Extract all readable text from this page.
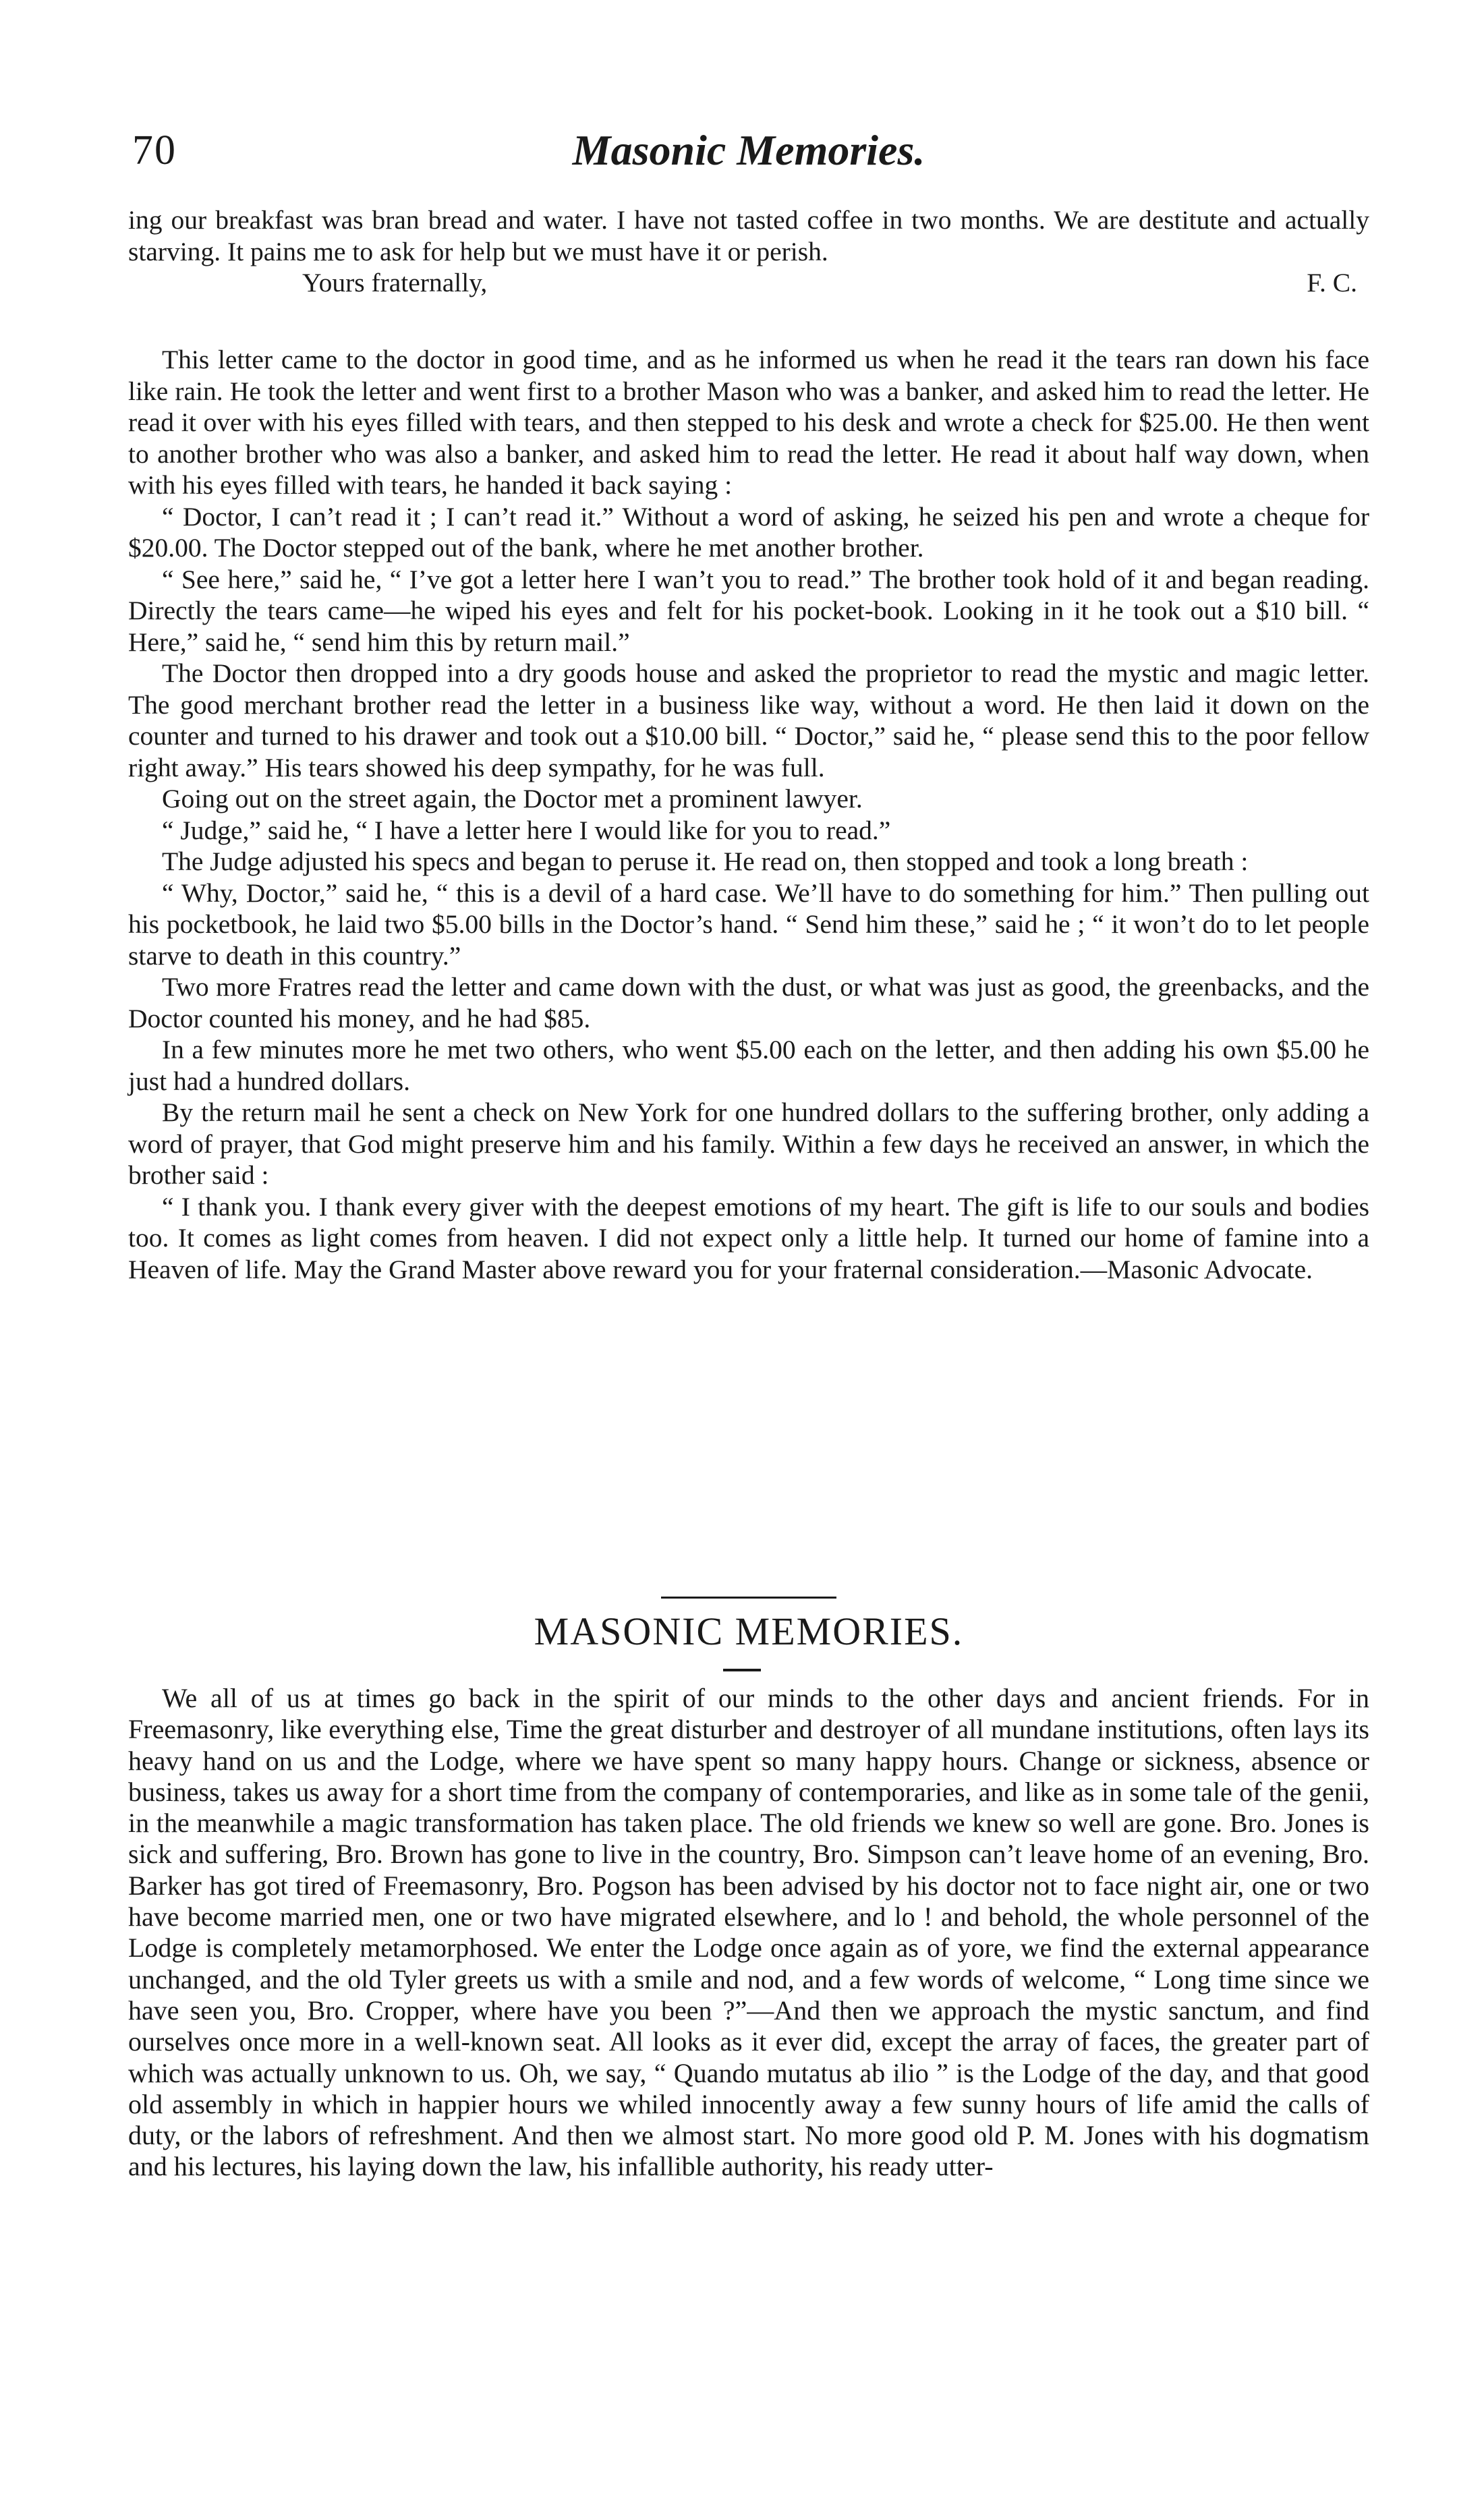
70	Masonic Memories.

ing our breakfast was bran bread and water. I have not tasted coffee in two months. We are destitute and actually starving. It pains me to ask for help but we must have it or perish.

Yours fraternally,	F. C.

This letter came to the doctor in good time, and as he informed us when he read it the tears ran down his face like rain. He took the letter and went first to a brother Mason who was a banker, and asked him to read the letter. He read it over with his eyes filled with tears, and then stepped to his desk and wrote a check for $25.00. He then went to another brother who was also a banker, and asked him to read the letter. He read it about half way down, when with his eyes filled with tears, he handed it back saying :

“ Doctor, I can’t read it ; I can’t read it.” Without a word of asking, he seized his pen and wrote a cheque for $20.00. The Doctor stepped out of the bank, where he met another brother.

“ See here,” said he, “ I’ve got a letter here I wan’t you to read.” The brother took hold of it and began reading. Directly the tears came—he wiped his eyes and felt for his pocket-book. Looking in it he took out a $10 bill. “ Here,” said he, “ send him this by return mail.”

The Doctor then dropped into a dry goods house and asked the proprietor to read the mystic and magic letter. The good merchant brother read the letter in a business like way, without a word. He then laid it down on the counter and turned to his drawer and took out a $10.00 bill. “ Doctor,” said he, “ please send this to the poor fellow right away.” His tears showed his deep sympathy, for he was full.

Going out on the street again, the Doctor met a prominent lawyer.

“ Judge,” said he, “ I have a letter here I would like for you to read.”

The Judge adjusted his specs and began to peruse it. He read on, then stopped and took a long breath :

“ Why, Doctor,” said he, “ this is a devil of a hard case. We’ll have to do something for him.” Then pulling out his pocketbook, he laid two $5.00 bills in the Doctor’s hand. “ Send him these,” said he ; “ it won’t do to let people starve to death in this country.”

Two more Fratres read the letter and came down with the dust, or what was just as good, the greenbacks, and the Doctor counted his money, and he had $85.

In a few minutes more he met two others, who went $5.00 each on the letter, and then adding his own $5.00 he just had a hundred dollars.

By the return mail he sent a check on New York for one hundred dollars to the suffering brother, only adding a word of prayer, that God might preserve him and his family. Within a few days he received an answer, in which the brother said :

“ I thank you. I thank every giver with the deepest emotions of my heart. The gift is life to our souls and bodies too. It comes as light comes from heaven. I did not expect only a little help. It turned our home of famine into a Heaven of life. May the Grand Master above reward you for your fraternal consideration.—Masonic Advocate.

MASONIC MEMORIES.

We all of us at times go back in the spirit of our minds to the other days and ancient friends. For in Freemasonry, like everything else, Time the great disturber and destroyer of all mundane institutions, often lays its heavy hand on us and the Lodge, where we have spent so many happy hours. Change or sickness, absence or business, takes us away for a short time from the company of contemporaries, and like as in some tale of the genii, in the meanwhile a magic transformation has taken place. The old friends we knew so well are gone. Bro. Jones is sick and suffering, Bro. Brown has gone to live in the country, Bro. Simpson can’t leave home of an evening, Bro. Barker has got tired of Freemasonry, Bro. Pogson has been advised by his doctor not to face night air, one or two have become married men, one or two have migrated elsewhere, and lo ! and behold, the whole personnel of the Lodge is completely metamorphosed. We enter the Lodge once again as of yore, we find the external appearance unchanged, and the old Tyler greets us with a smile and nod, and a few words of welcome, “ Long time since we have seen you, Bro. Cropper, where have you been ?”—And then we approach the mystic sanctum, and find ourselves once more in a well-known seat. All looks as it ever did, except the array of faces, the greater part of which was actually unknown to us. Oh, we say, “ Quando mutatus ab ilio ” is the Lodge of the day, and that good old assembly in which in happier hours we whiled innocently away a few sunny hours of life amid the calls of duty, or the labors of refreshment. And then we almost start. No more good old P. M. Jones with his dogmatism and his lectures, his laying down the law, his infallible authority, his ready utter-
